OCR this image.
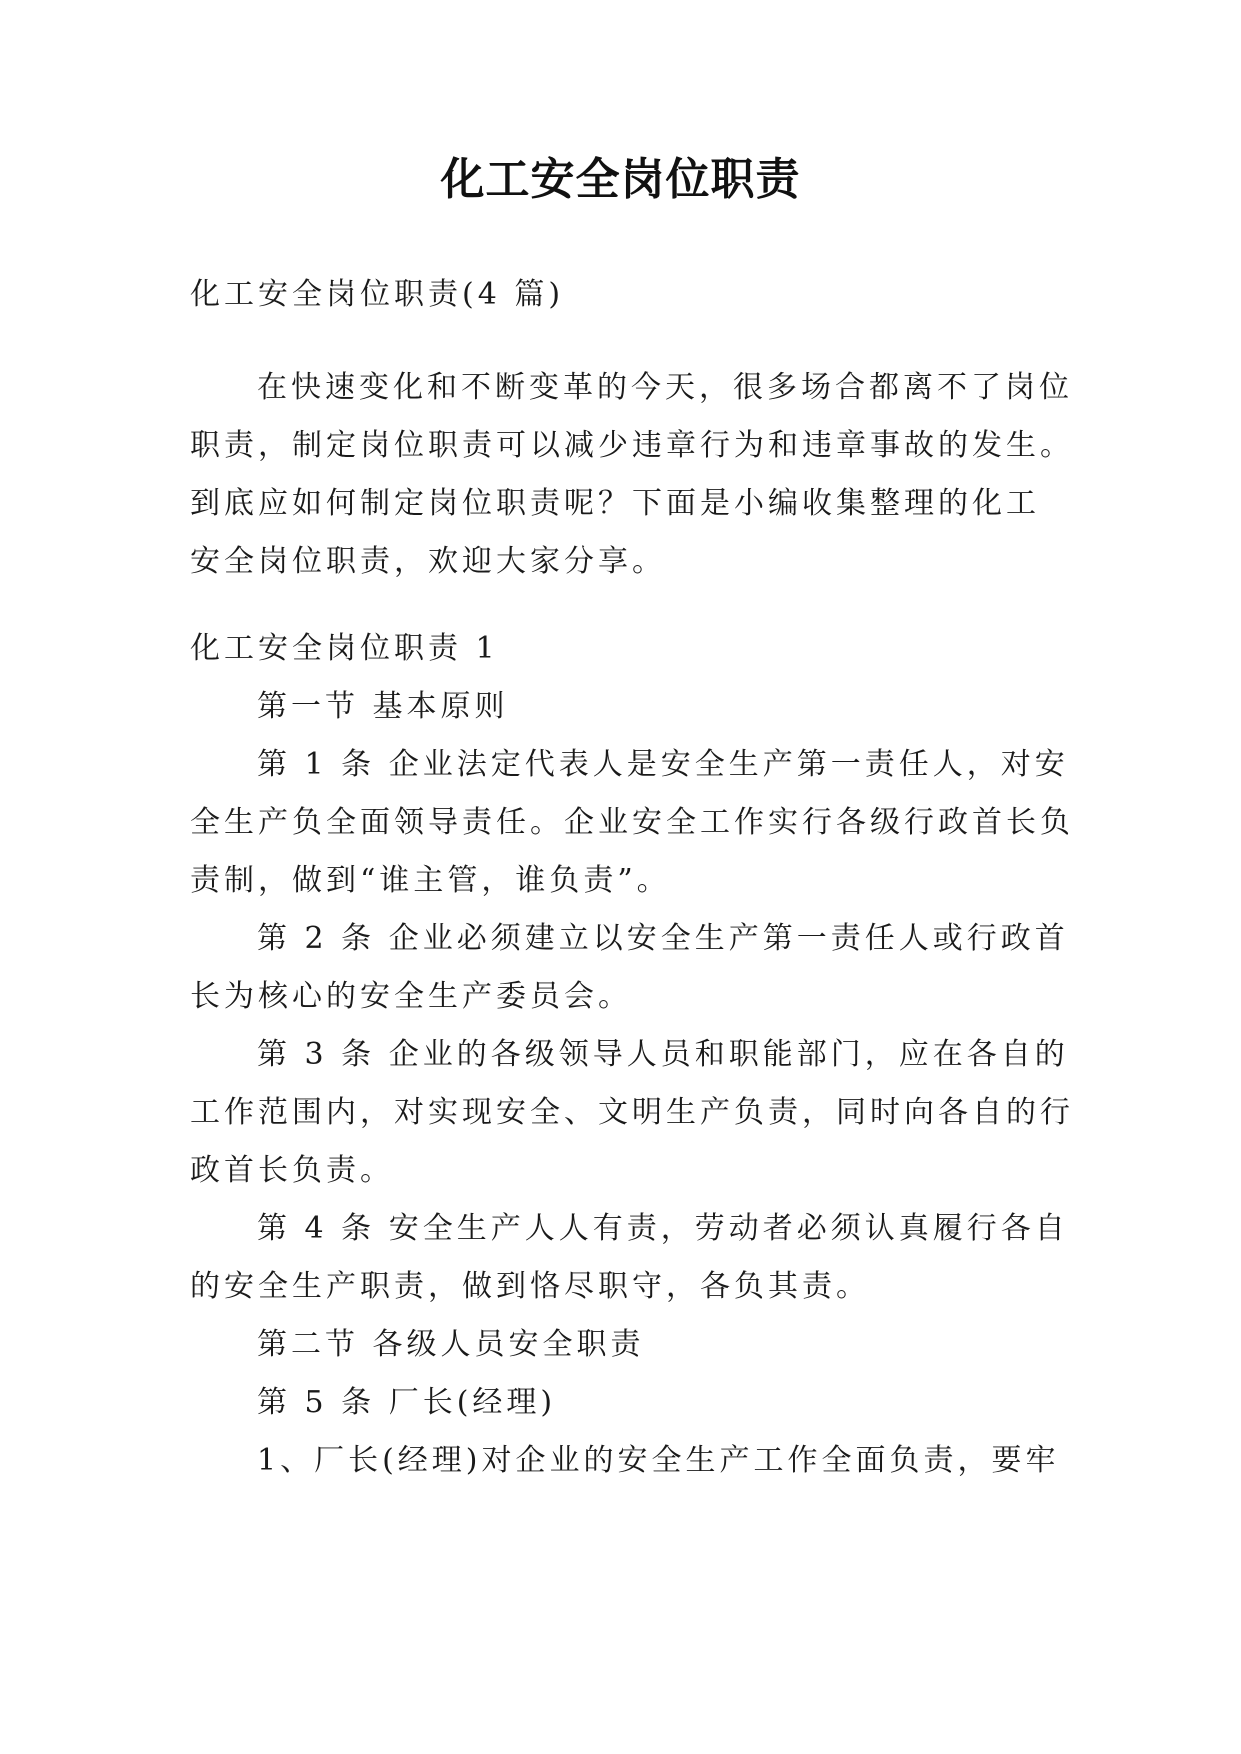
化工安全岗位职责
化工安全岗位职责(4 篇)
在快速变化和不断变革的今天，很多场合都离不了岗位
职责，制定岗位职责可以减少违章行为和违章事故的发生。
到底应如何制定岗位职责呢？下面是小编收集整理的化工
安全岗位职责，欢迎大家分享。
化工安全岗位职责 1
第一节 基本原则
第 1 条 企业法定代表人是安全生产第一责任人，对安
全生产负全面领导责任。企业安全工作实行各级行政首长负
责制，做到“谁主管，谁负责”。
第 2 条 企业必须建立以安全生产第一责任人或行政首
长为核心的安全生产委员会。
第 3 条 企业的各级领导人员和职能部门，应在各自的
工作范围内，对实现安全、文明生产负责，同时向各自的行
政首长负责。
第 4 条 安全生产人人有责，劳动者必须认真履行各自
的安全生产职责，做到恪尽职守，各负其责。
第二节 各级人员安全职责
第 5 条 厂长(经理)
1、厂长(经理)对企业的安全生产工作全面负责，要牢
